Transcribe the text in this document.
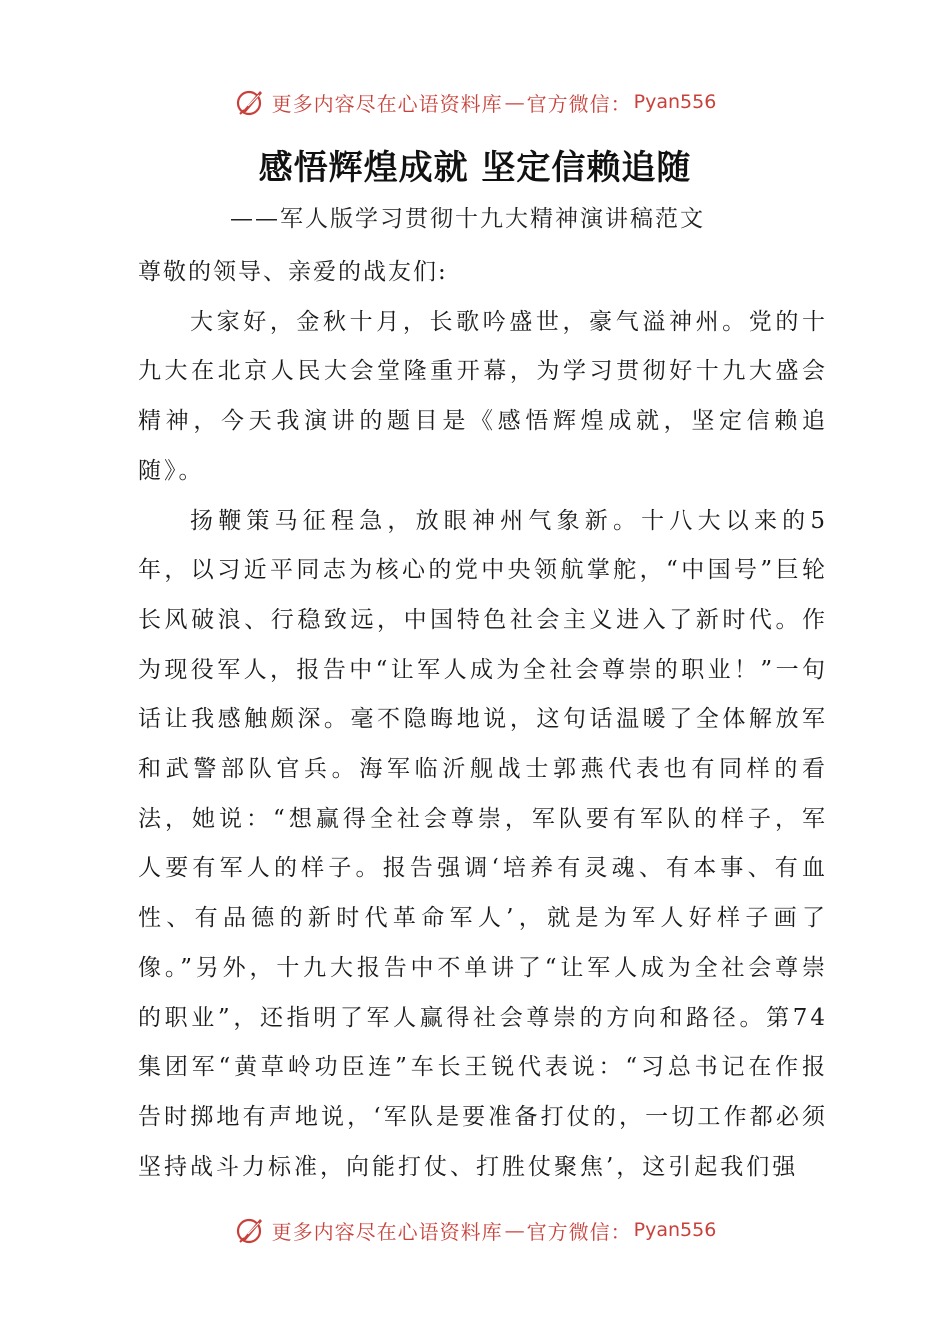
更多内容尽在心语资料库 — 官方微信： Pyan556
感悟辉煌成就 坚定信赖追随
——军人版学习贯彻十九大精神演讲稿范文

尊敬的领导、亲爱的战友们:

大家好，金秋十月，长歌吟盛世，豪气溢神州。党的十九大在北京人民大会堂隆重开幕，为学习贯彻好十九大盛会精神，今天我演讲的题目是《感悟辉煌成就，坚定信赖追随》。

扬鞭策马征程急，放眼神州气象新。十八大以来的5年，以习近平同志为核心的党中央领航掌舵，“中国号”巨轮长风破浪、行稳致远，中国特色社会主义进入了新时代。作为现役军人，报告中“让军人成为全社会尊崇的职业！”一句话让我感触颇深。毫不隐晦地说，这句话温暖了全体解放军和武警部队官兵。海军临沂舰战士郭燕代表也有同样的看法，她说：“想赢得全社会尊崇，军队要有军队的样子，军人要有军人的样子。报告强调‘培养有灵魂、有本事、有血性、有品德的新时代革命军人’，就是为军人好样子画了像。”另外，十九大报告中不单讲了“让军人成为全社会尊崇的职业”，还指明了军人赢得社会尊崇的方向和路径。第74集团军“黄草岭功臣连”车长王锐代表说：“习总书记在作报告时掷地有声地说，‘军队是要准备打仗的，一切工作都必须坚持战斗力标准，向能打仗、打胜仗聚焦’，这引起我们强

更多内容尽在心语资料库 — 官方微信： Pyan556
